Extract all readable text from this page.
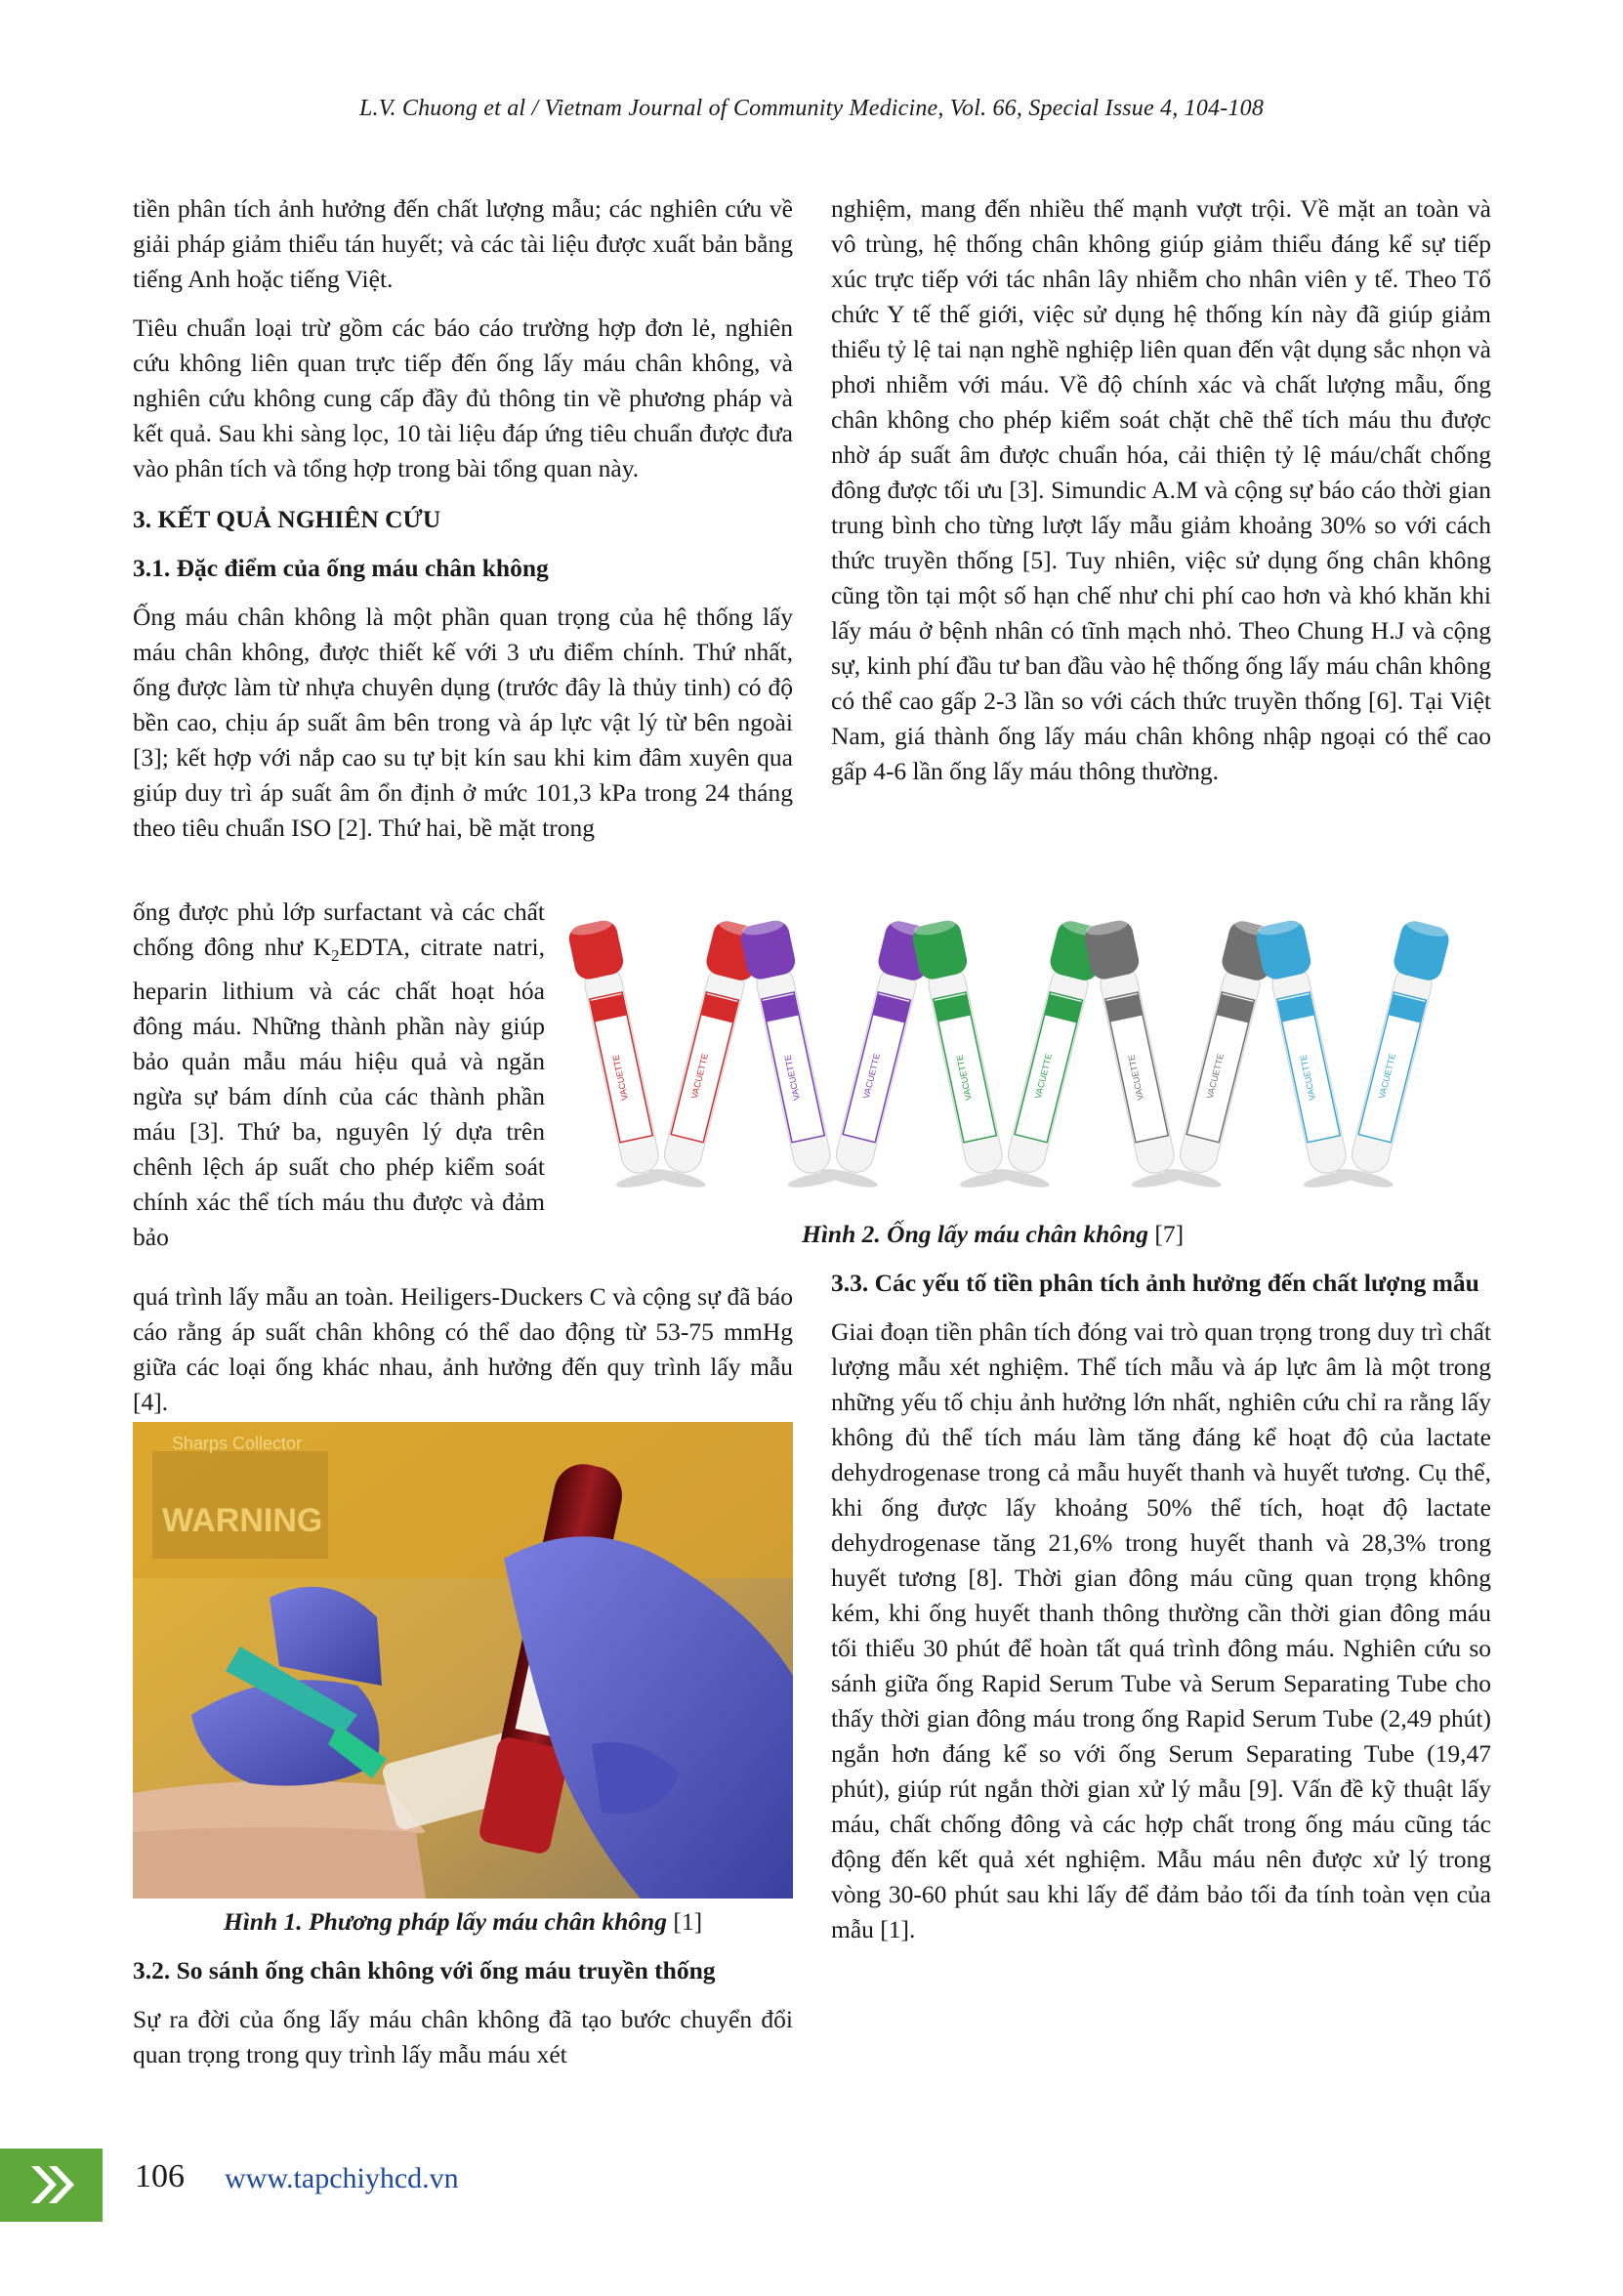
L.V. Chuong et al / Vietnam Journal of Community Medicine, Vol. 66, Special Issue 4, 104-108

tiền phân tích ảnh hưởng đến chất lượng mẫu; các nghiên cứu về giải pháp giảm thiểu tán huyết; và các tài liệu được xuất bản bằng tiếng Anh hoặc tiếng Việt.

Tiêu chuẩn loại trừ gồm các báo cáo trường hợp đơn lẻ, nghiên cứu không liên quan trực tiếp đến ống lấy máu chân không, và nghiên cứu không cung cấp đầy đủ thông tin về phương pháp và kết quả. Sau khi sàng lọc, 10 tài liệu đáp ứng tiêu chuẩn được đưa vào phân tích và tổng hợp trong bài tổng quan này.

3. KẾT QUẢ NGHIÊN CỨU

3.1. Đặc điểm của ống máu chân không

Ống máu chân không là một phần quan trọng của hệ thống lấy máu chân không, được thiết kế với 3 ưu điểm chính. Thứ nhất, ống được làm từ nhựa chuyên dụng (trước đây là thủy tinh) có độ bền cao, chịu áp suất âm bên trong và áp lực vật lý từ bên ngoài [3]; kết hợp với nắp cao su tự bịt kín sau khi kim đâm xuyên qua giúp duy trì áp suất âm ổn định ở mức 101,3 kPa trong 24 tháng theo tiêu chuẩn ISO [2]. Thứ hai, bề mặt trong

ống được phủ lớp surfactant và các chất chống đông như $K_2EDTA$, citrate natri, heparin lithium và các chất hoạt hóa đông máu. Những thành phần này giúp bảo quản mẫu máu hiệu quả và ngăn ngừa sự bám dính của các thành phần máu [3]. Thứ ba, nguyên lý dựa trên chênh lệch áp suất cho phép kiểm soát chính xác thể tích máu thu được và đảm bảo

quá trình lấy mẫu an toàn. Heiligers-Duckers C và cộng sự đã báo cáo rằng áp suất chân không có thể dao động từ 53-75 mmHg giữa các loại ống khác nhau, ảnh hưởng đến quy trình lấy mẫu [4].

WARNING
Sharps Collector

Hình 1. Phương pháp lấy máu chân không [1]

3.2. So sánh ống chân không với ống máu truyền thống

Sự ra đời của ống lấy máu chân không đã tạo bước chuyển đổi quan trọng trong quy trình lấy mẫu máu xét

nghiệm, mang đến nhiều thế mạnh vượt trội. Về mặt an toàn và vô trùng, hệ thống chân không giúp giảm thiểu đáng kể sự tiếp xúc trực tiếp với tác nhân lây nhiễm cho nhân viên y tế. Theo Tổ chức Y tế thế giới, việc sử dụng hệ thống kín này đã giúp giảm thiểu tỷ lệ tai nạn nghề nghiệp liên quan đến vật dụng sắc nhọn và phơi nhiễm với máu. Về độ chính xác và chất lượng mẫu, ống chân không cho phép kiểm soát chặt chẽ thể tích máu thu được nhờ áp suất âm được chuẩn hóa, cải thiện tỷ lệ máu/chất chống đông được tối ưu [3]. Simundic A.M và cộng sự báo cáo thời gian trung bình cho từng lượt lấy mẫu giảm khoảng 30% so với cách thức truyền thống [5]. Tuy nhiên, việc sử dụng ống chân không cũng tồn tại một số hạn chế như chi phí cao hơn và khó khăn khi lấy máu ở bệnh nhân có tĩnh mạch nhỏ. Theo Chung H.J và cộng sự, kinh phí đầu tư ban đầu vào hệ thống ống lấy máu chân không có thể cao gấp 2-3 lần so với cách thức truyền thống [6]. Tại Việt Nam, giá thành ống lấy máu chân không nhập ngoại có thể cao gấp 4-6 lần ống lấy máu thông thường.

VACUETTE	VACUETTE	VACUETTE	VACUETTE	VACUETTE	VACUETTE	VACUETTE	VACUETTE	VACUETTE	VACUETTE

Hình 2. Ống lấy máu chân không [7]

3.3. Các yếu tố tiền phân tích ảnh hưởng đến chất lượng mẫu

Giai đoạn tiền phân tích đóng vai trò quan trọng trong duy trì chất lượng mẫu xét nghiệm. Thể tích mẫu và áp lực âm là một trong những yếu tố chịu ảnh hưởng lớn nhất, nghiên cứu chỉ ra rằng lấy không đủ thể tích máu làm tăng đáng kể hoạt độ của lactate dehydrogenase trong cả mẫu huyết thanh và huyết tương. Cụ thể, khi ống được lấy khoảng 50% thể tích, hoạt độ lactate dehydrogenase tăng 21,6% trong huyết thanh và 28,3% trong huyết tương [8]. Thời gian đông máu cũng quan trọng không kém, khi ống huyết thanh thông thường cần thời gian đông máu tối thiểu 30 phút để hoàn tất quá trình đông máu. Nghiên cứu so sánh giữa ống Rapid Serum Tube và Serum Separating Tube cho thấy thời gian đông máu trong ống Rapid Serum Tube (2,49 phút) ngắn hơn đáng kể so với ống Serum Separating Tube (19,47 phút), giúp rút ngắn thời gian xử lý mẫu [9]. Vấn đề kỹ thuật lấy máu, chất chống đông và các hợp chất trong ống máu cũng tác động đến kết quả xét nghiệm. Mẫu máu nên được xử lý trong vòng 30-60 phút sau khi lấy để đảm bảo tối đa tính toàn vẹn của mẫu [1].

106 www.tapchiyhcd.vn
